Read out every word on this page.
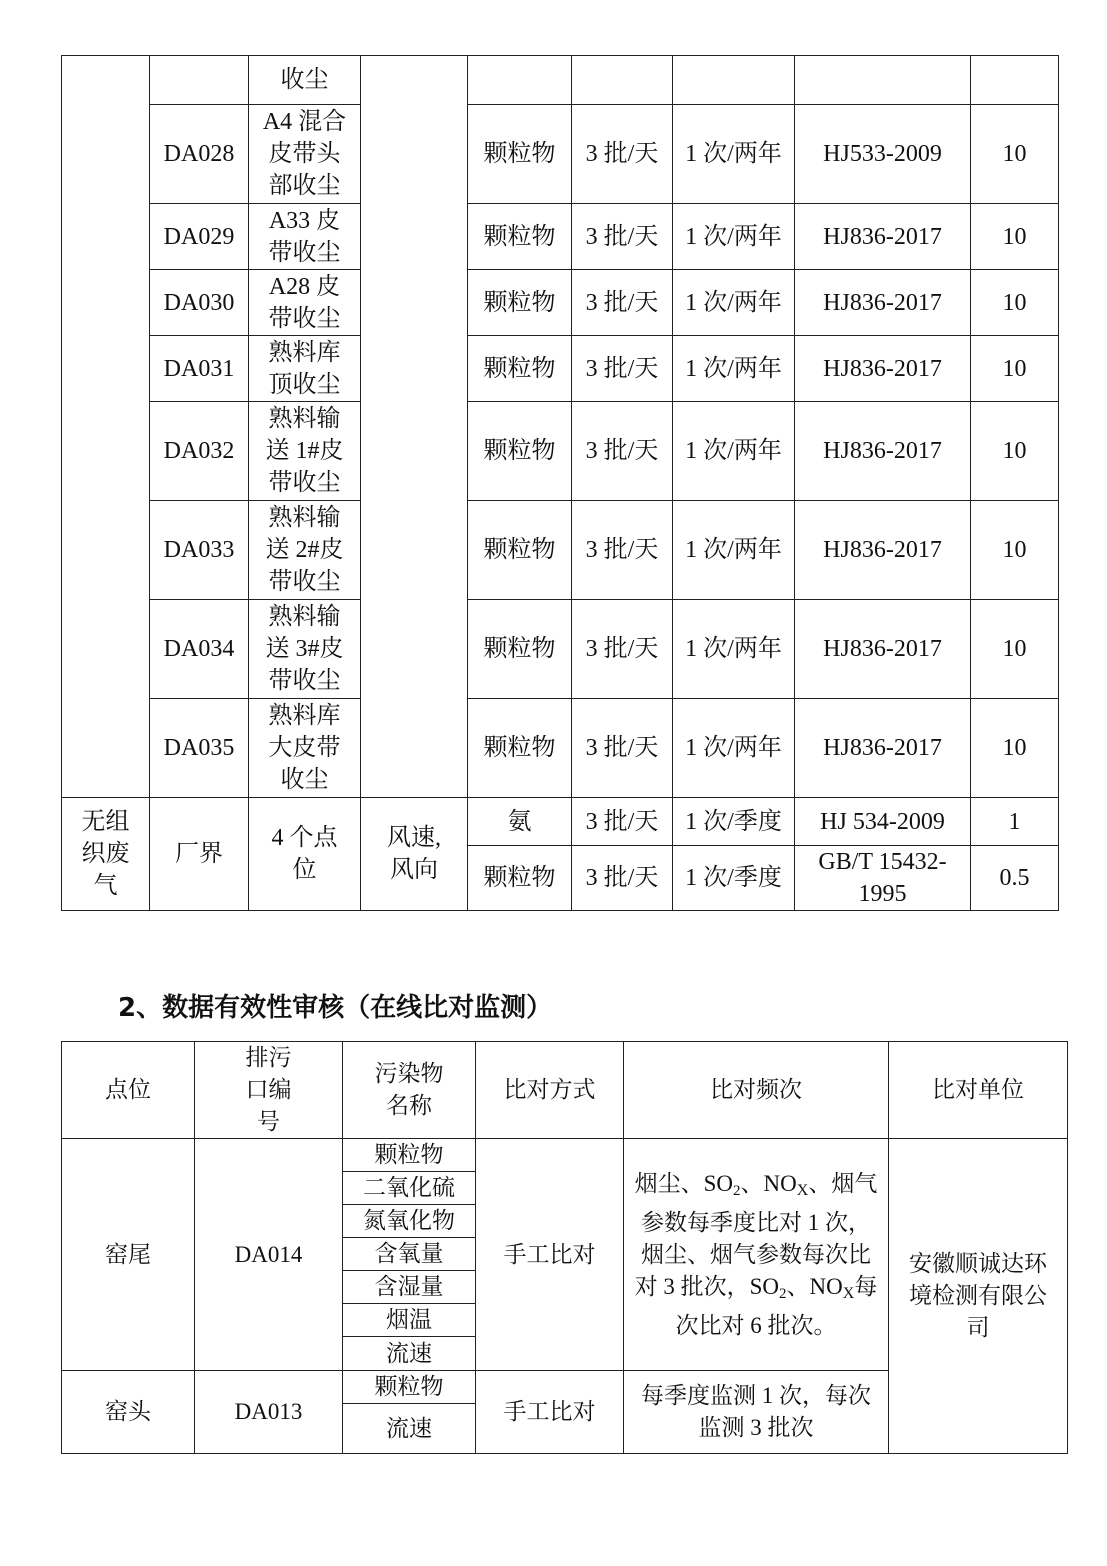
		收尘						
	DA028	A4 混合皮带头部收尘		颗粒物	3 批/天	1 次/两年	HJ533-2009	10
	DA029	A33 皮带收尘		颗粒物	3 批/天	1 次/两年	HJ836-2017	10
	DA030	A28 皮带收尘		颗粒物	3 批/天	1 次/两年	HJ836-2017	10
	DA031	熟料库顶收尘		颗粒物	3 批/天	1 次/两年	HJ836-2017	10
	DA032	熟料输送 1#皮带收尘		颗粒物	3 批/天	1 次/两年	HJ836-2017	10
	DA033	熟料输送 2#皮带收尘		颗粒物	3 批/天	1 次/两年	HJ836-2017	10
	DA034	熟料输送 3#皮带收尘		颗粒物	3 批/天	1 次/两年	HJ836-2017	10
	DA035	熟料库大皮带收尘		颗粒物	3 批/天	1 次/两年	HJ836-2017	10
无组织废气	厂界	4 个点位	风速,风向	氨	3 批/天	1 次/季度	HJ 534-2009	1
				颗粒物	3 批/天	1 次/季度	GB/T 15432-1995	0.5
2、数据有效性审核（在线比对监测）
点位	排污口编号	污染物名称	比对方式	比对频次	比对单位
窑尾	DA014	颗粒物	手工比对	烟尘、$SO_2$、$NO_X$、烟气参数每季度比对 1 次，烟尘、烟气参数每次比对 3 批次，$SO_2$、$NO_X$每次比对 6 批次。	安徽顺诚达环境检测有限公司
		二氧化硫			
		氮氧化物			
		含氧量			
		含湿量			
		烟温			
		流速			
窑头	DA013	颗粒物	手工比对	每季度监测 1 次，每次监测 3 批次	
		流速			
